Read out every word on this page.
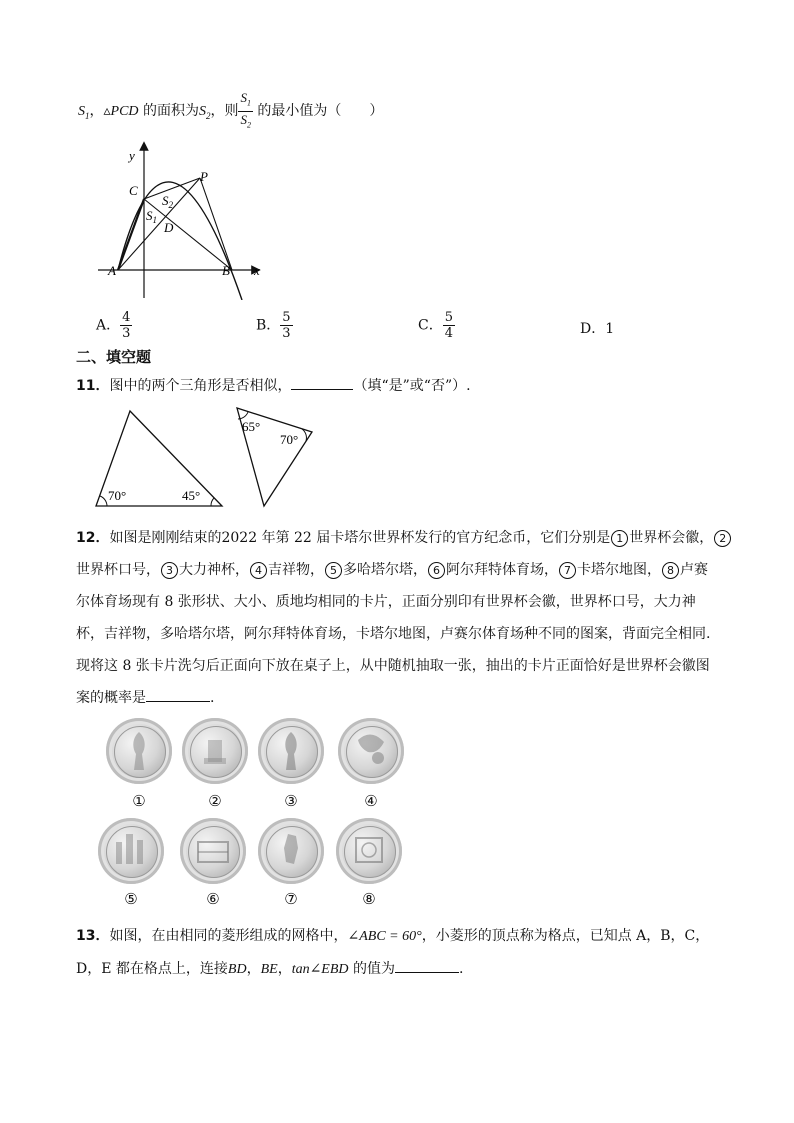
$S_1$，▵PCD 的面积为$S_2$，则 $\frac{S_1}{S_2}$ 的最小值为（　　）
y
x
C
P
$S_2$
$S_1$ D
A	B
A． $\frac{4}{3}$	B． $\frac{5}{3}$	C． $\frac{5}{4}$	D．1
二、填空题
11．图中的两个三角形是否相似，	（填“是”或“否”）.
70°	45°
65°
70°
12．如图是刚刚结束的2022 年第 22 届卡塔尔世界杯发行的官方纪念币，它们分别是 1 世界杯会徽， 2
世界杯口号， 3 大力神杯， 4 吉祥物， 5 多哈塔尔塔， 6 阿尔拜特体育场， 7 卡塔尔地图， 8 卢赛
尔体育场现有 8 张形状、大小、质地均相同的卡片，正面分别印有世界杯会徽，世界杯口号，大力神
杯，吉祥物，多哈塔尔塔，阿尔拜特体育场，卡塔尔地图，卢赛尔体育场种不同的图案，背面完全相同.
现将这 8 张卡片洗匀后正面向下放在桌子上，从中随机抽取一张，抽出的卡片正面恰好是世界杯会徽图
案的概率是	.
①	②	③	④
⑤	⑥	⑦	⑧
13．如图，在由相同的菱形组成的网格中，∠ABC = 60°，小菱形的顶点称为格点，已知点 A，B，C，
D，E 都在格点上，连接BD，BE，tan∠EBD 的值为	.
